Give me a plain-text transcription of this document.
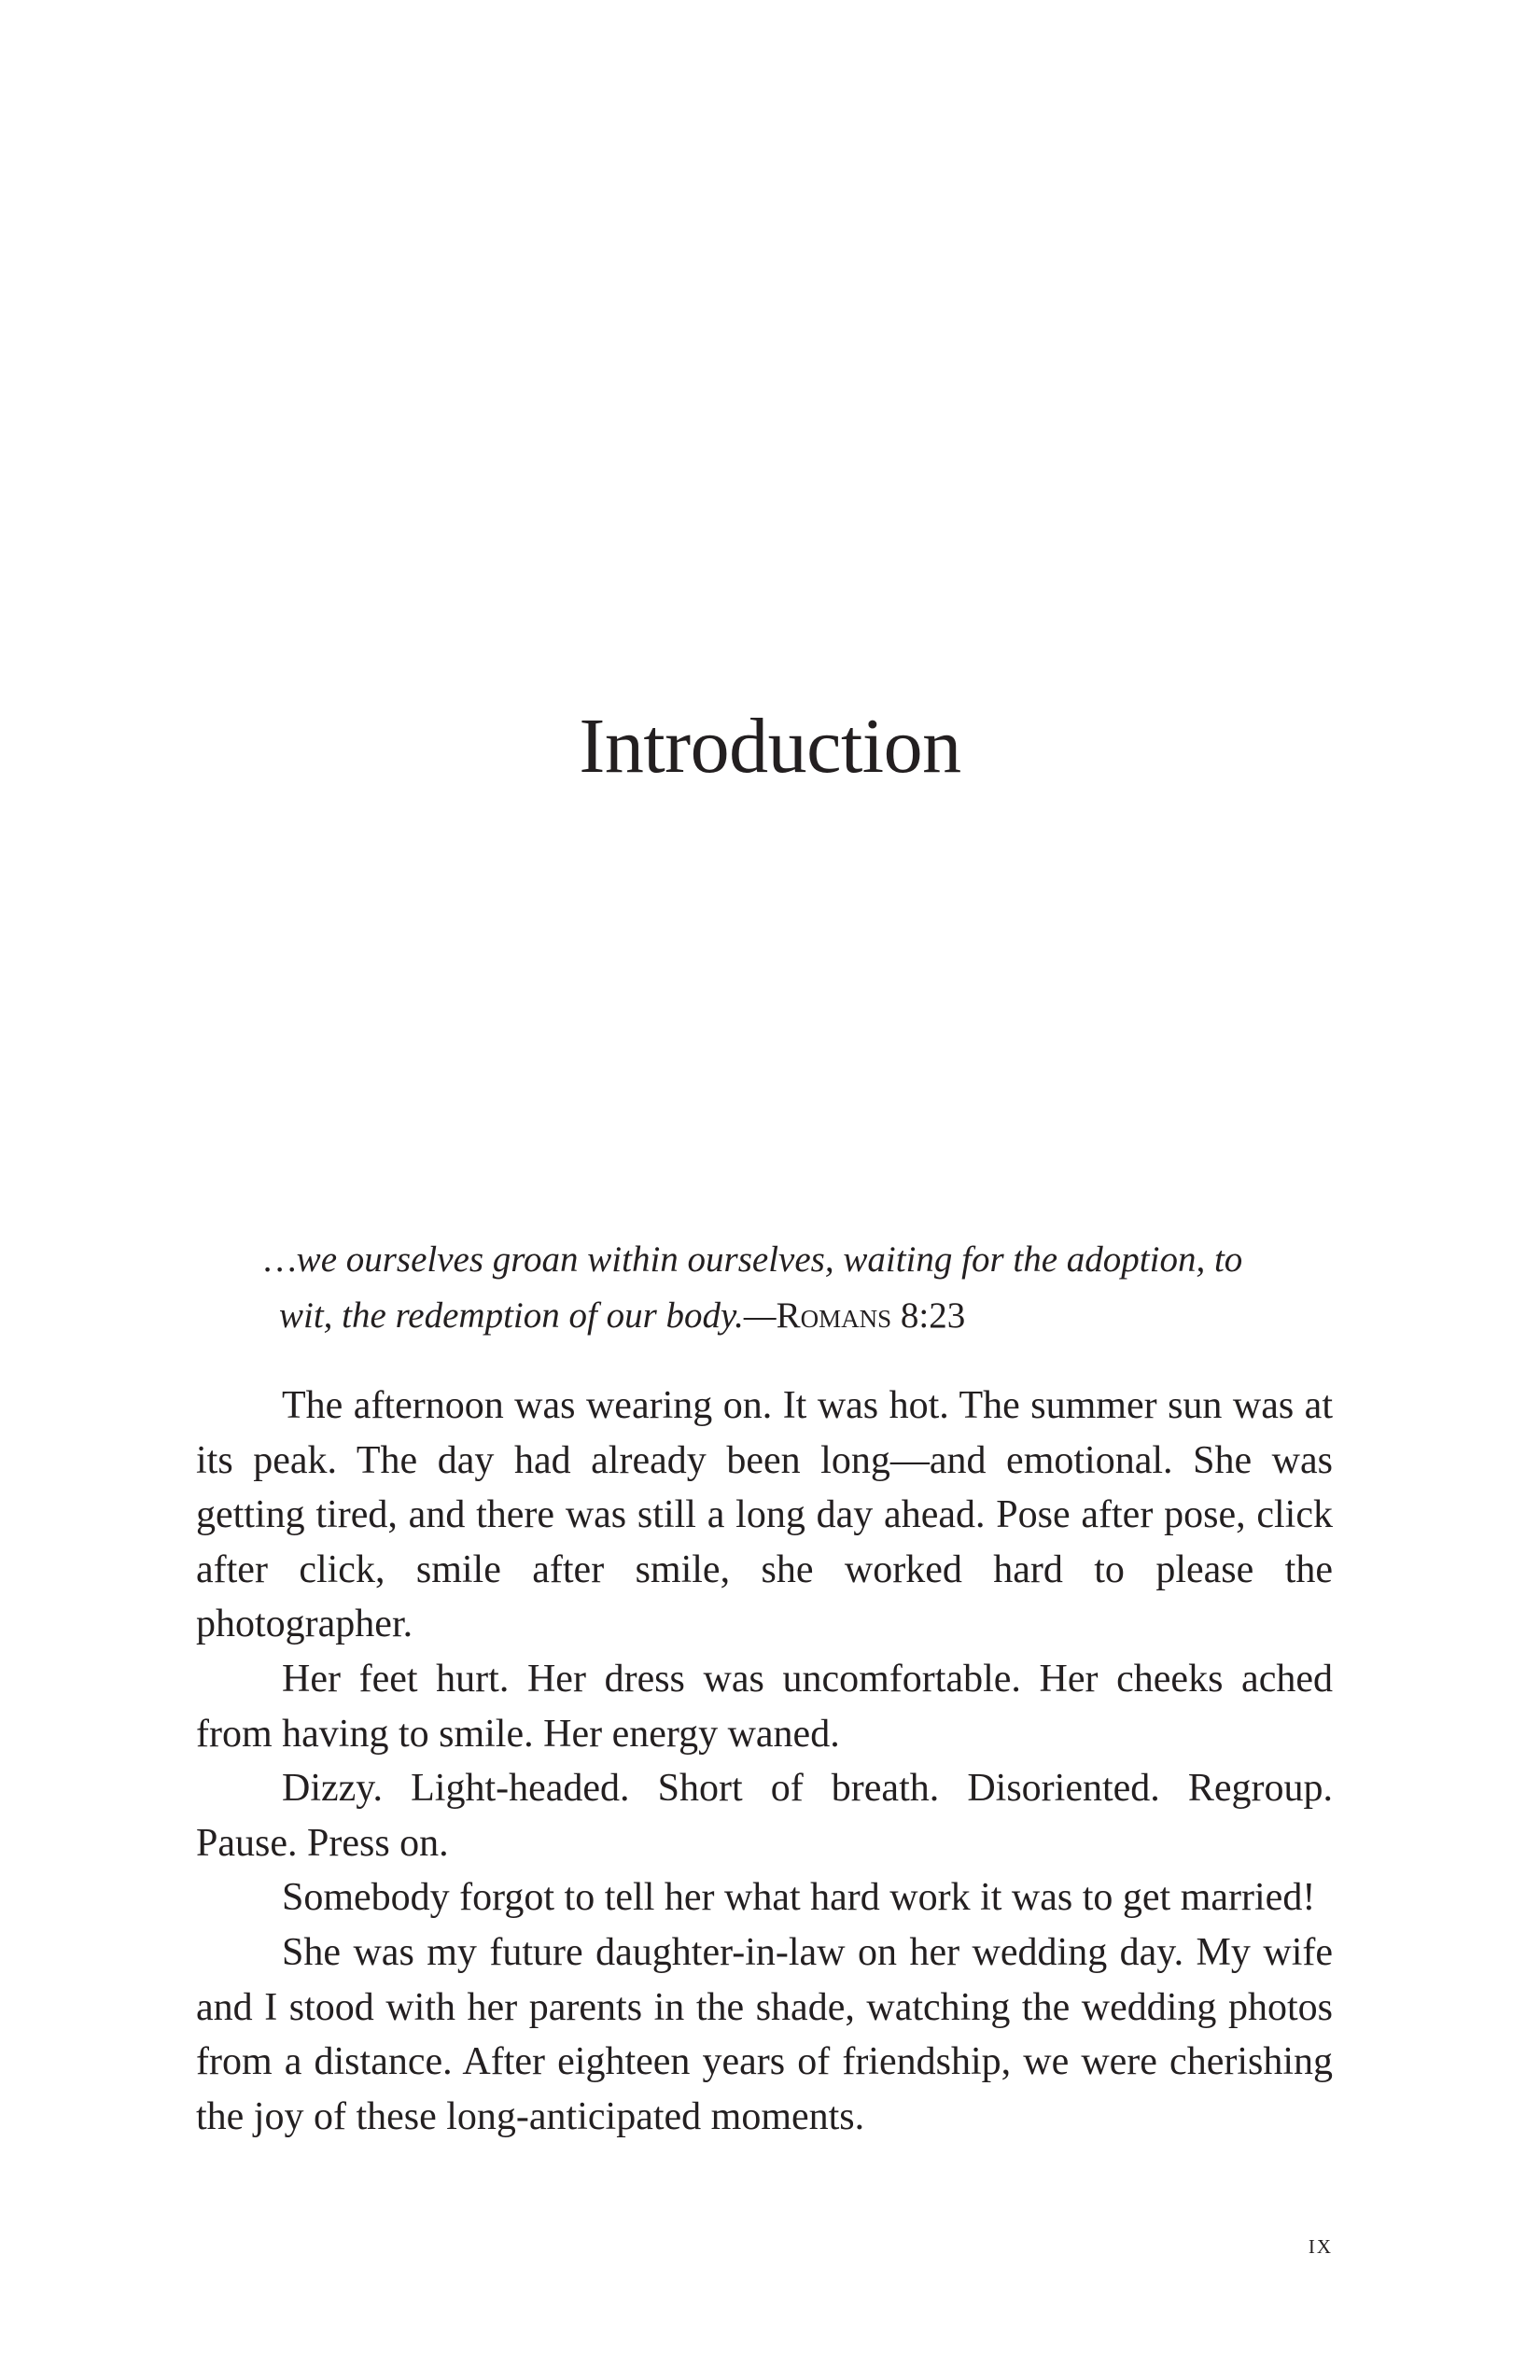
Introduction
…we ourselves groan within ourselves, waiting for the adoption, to
wit, the redemption of our body.—Romans 8:23

The afternoon was wearing on. It was hot. The summer sun was at its peak. The day had already been long—and emotional. She was getting tired, and there was still a long day ahead. Pose after pose, click after click, smile after smile, she worked hard to please the photographer.

Her feet hurt. Her dress was uncomfortable. Her cheeks ached from having to smile. Her energy waned.

Dizzy. Light-headed. Short of breath. Disoriented. Regroup. Pause. Press on.

Somebody forgot to tell her what hard work it was to get married!

She was my future daughter-in-law on her wedding day. My wife and I stood with her parents in the shade, watching the wedding photos from a distance. After eighteen years of friendship, we were cherishing the joy of these long-anticipated moments.

ix
